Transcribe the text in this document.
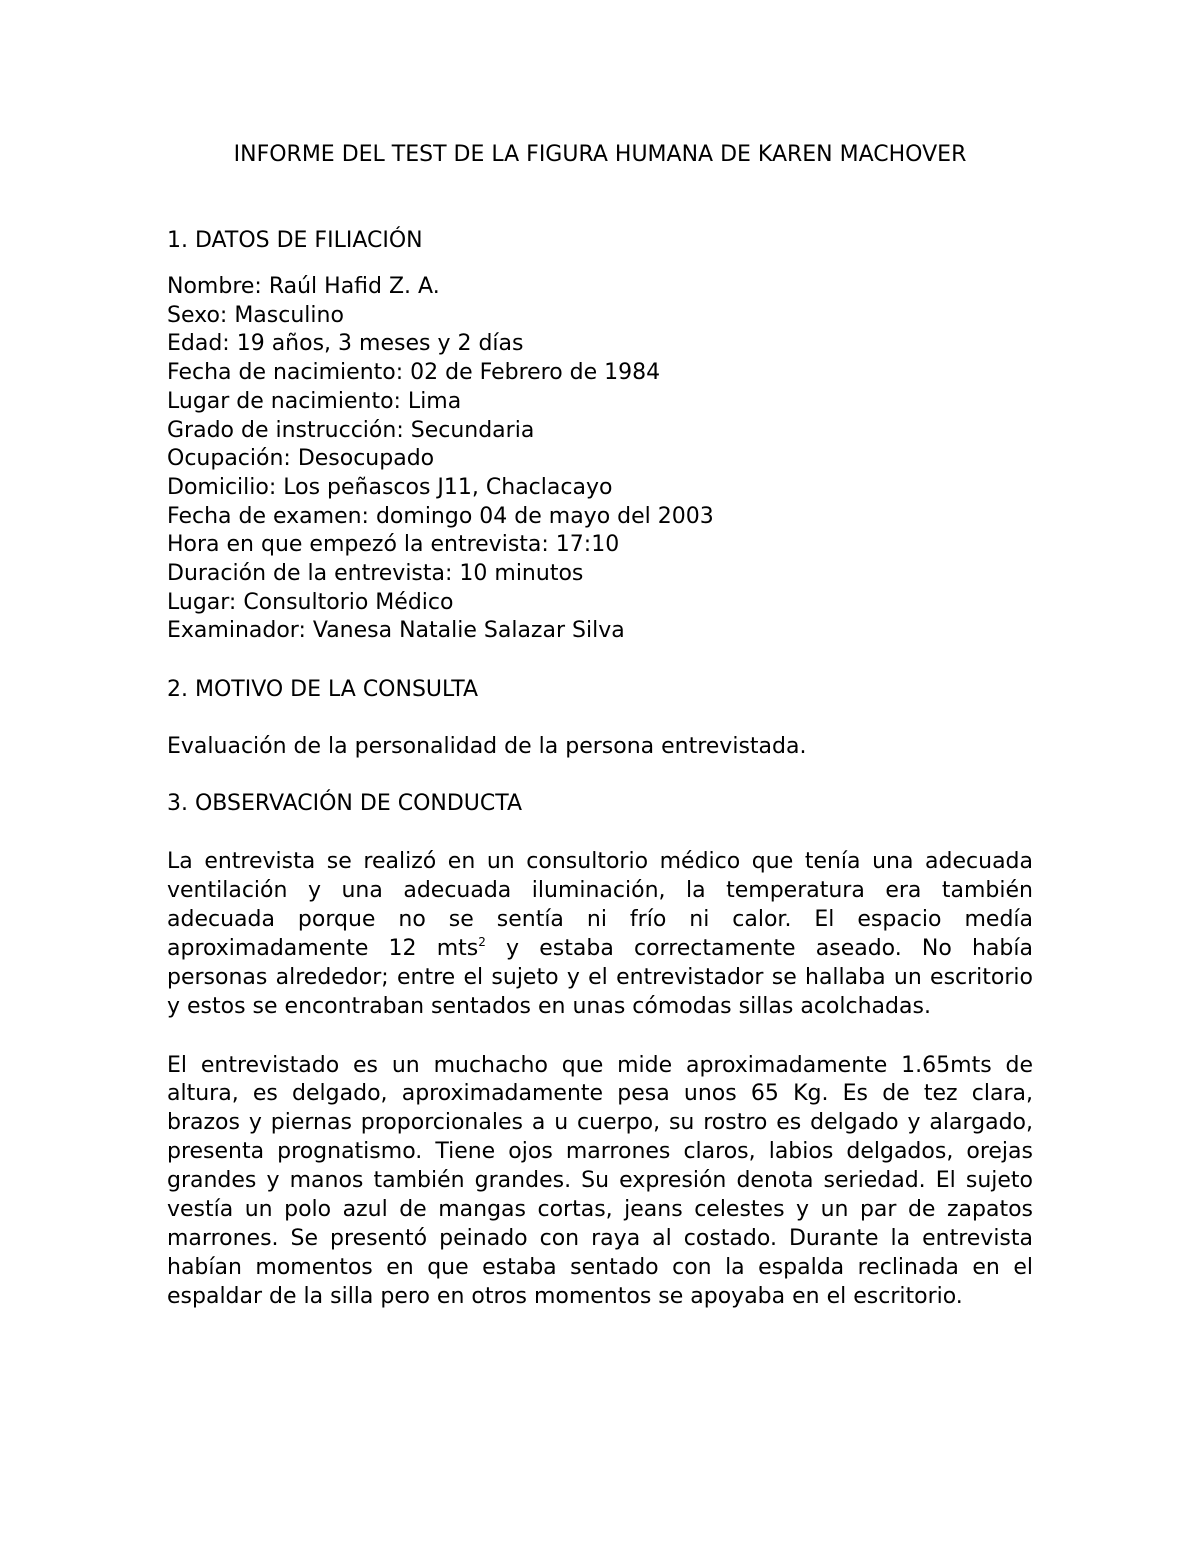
INFORME DEL TEST DE LA FIGURA HUMANA DE KAREN MACHOVER

1. DATOS DE FILIACIÓN

Nombre: Raúl Hafid Z. A.
Sexo: Masculino
Edad: 19 años, 3 meses y 2 días
Fecha de nacimiento: 02 de Febrero de 1984
Lugar de nacimiento: Lima
Grado de instrucción: Secundaria
Ocupación: Desocupado
Domicilio: Los peñascos J11, Chaclacayo
Fecha de examen: domingo 04 de mayo del 2003
Hora en que empezó la entrevista: 17:10
Duración de la entrevista: 10 minutos
Lugar: Consultorio Médico
Examinador: Vanesa Natalie Salazar Silva

2. MOTIVO DE LA CONSULTA

Evaluación de la personalidad de la persona entrevistada.

3. OBSERVACIÓN DE CONDUCTA

La entrevista se realizó en un consultorio médico que tenía una adecuada ventilación y una adecuada iluminación, la temperatura era también adecuada porque no se sentía ni frío ni calor. El espacio medía aproximadamente 12 mts$^2$ y estaba correctamente aseado. No había personas alrededor; entre el sujeto y el entrevistador se hallaba un escritorio y estos se encontraban sentados en unas cómodas sillas acolchadas.

El entrevistado es un muchacho que mide aproximadamente 1.65mts de altura, es delgado, aproximadamente pesa unos 65 Kg. Es de tez clara, brazos y piernas proporcionales a u cuerpo, su rostro es delgado y alargado, presenta prognatismo. Tiene ojos marrones claros, labios delgados, orejas grandes y manos también grandes. Su expresión denota seriedad. El sujeto vestía un polo azul de mangas cortas, jeans celestes y un par de zapatos marrones. Se presentó peinado con raya al costado. Durante la entrevista habían momentos en que estaba sentado con la espalda reclinada en el espaldar de la silla pero en otros momentos se apoyaba en el escritorio.
